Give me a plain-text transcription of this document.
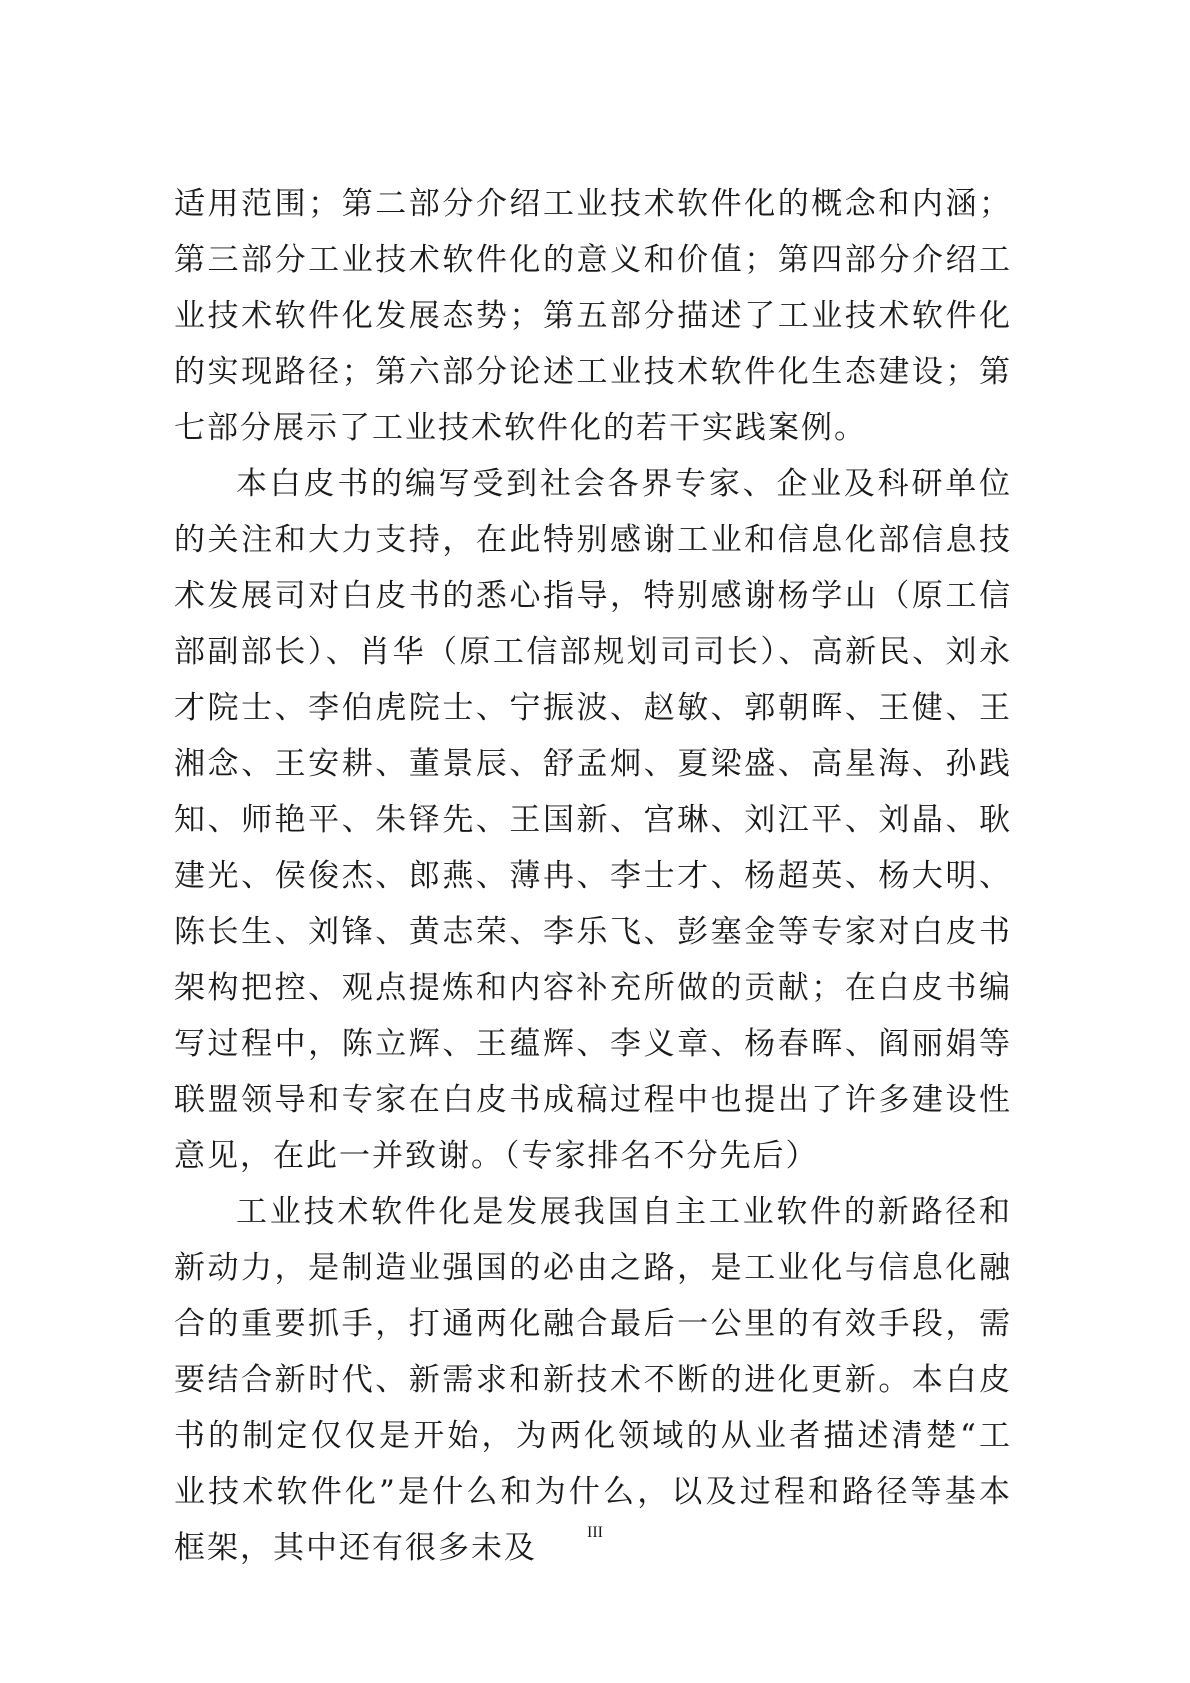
适用范围；第二部分介绍工业技术软件化的概念和内涵；第三部分工业技术软件化的意义和价值；第四部分介绍工业技术软件化发展态势；第五部分描述了工业技术软件化的实现路径；第六部分论述工业技术软件化生态建设；第七部分展示了工业技术软件化的若干实践案例。

本白皮书的编写受到社会各界专家、企业及科研单位的关注和大力支持，在此特别感谢工业和信息化部信息技术发展司对白皮书的悉心指导，特别感谢杨学山（原工信部副部长）、肖华（原工信部规划司司长）、高新民、刘永才院士、李伯虎院士、宁振波、赵敏、郭朝晖、王健、王湘念、王安耕、董景辰、舒孟炯、夏梁盛、高星海、孙践知、师艳平、朱铎先、王国新、宫琳、刘江平、刘晶、耿建光、侯俊杰、郎燕、薄冉、李士才、杨超英、杨大明、陈长生、刘锋、黄志荣、李乐飞、彭塞金等专家对白皮书架构把控、观点提炼和内容补充所做的贡献；在白皮书编写过程中，陈立辉、王蕴辉、李义章、杨春晖、阎丽娟等联盟领导和专家在白皮书成稿过程中也提出了许多建设性意见，在此一并致谢。（专家排名不分先后）

工业技术软件化是发展我国自主工业软件的新路径和新动力，是制造业强国的必由之路，是工业化与信息化融合的重要抓手，打通两化融合最后一公里的有效手段，需要结合新时代、新需求和新技术不断的进化更新。本白皮书的制定仅仅是开始，为两化领域的从业者描述清楚“工业技术软件化”是什么和为什么，以及过程和路径等基本框架，其中还有很多未及	III
